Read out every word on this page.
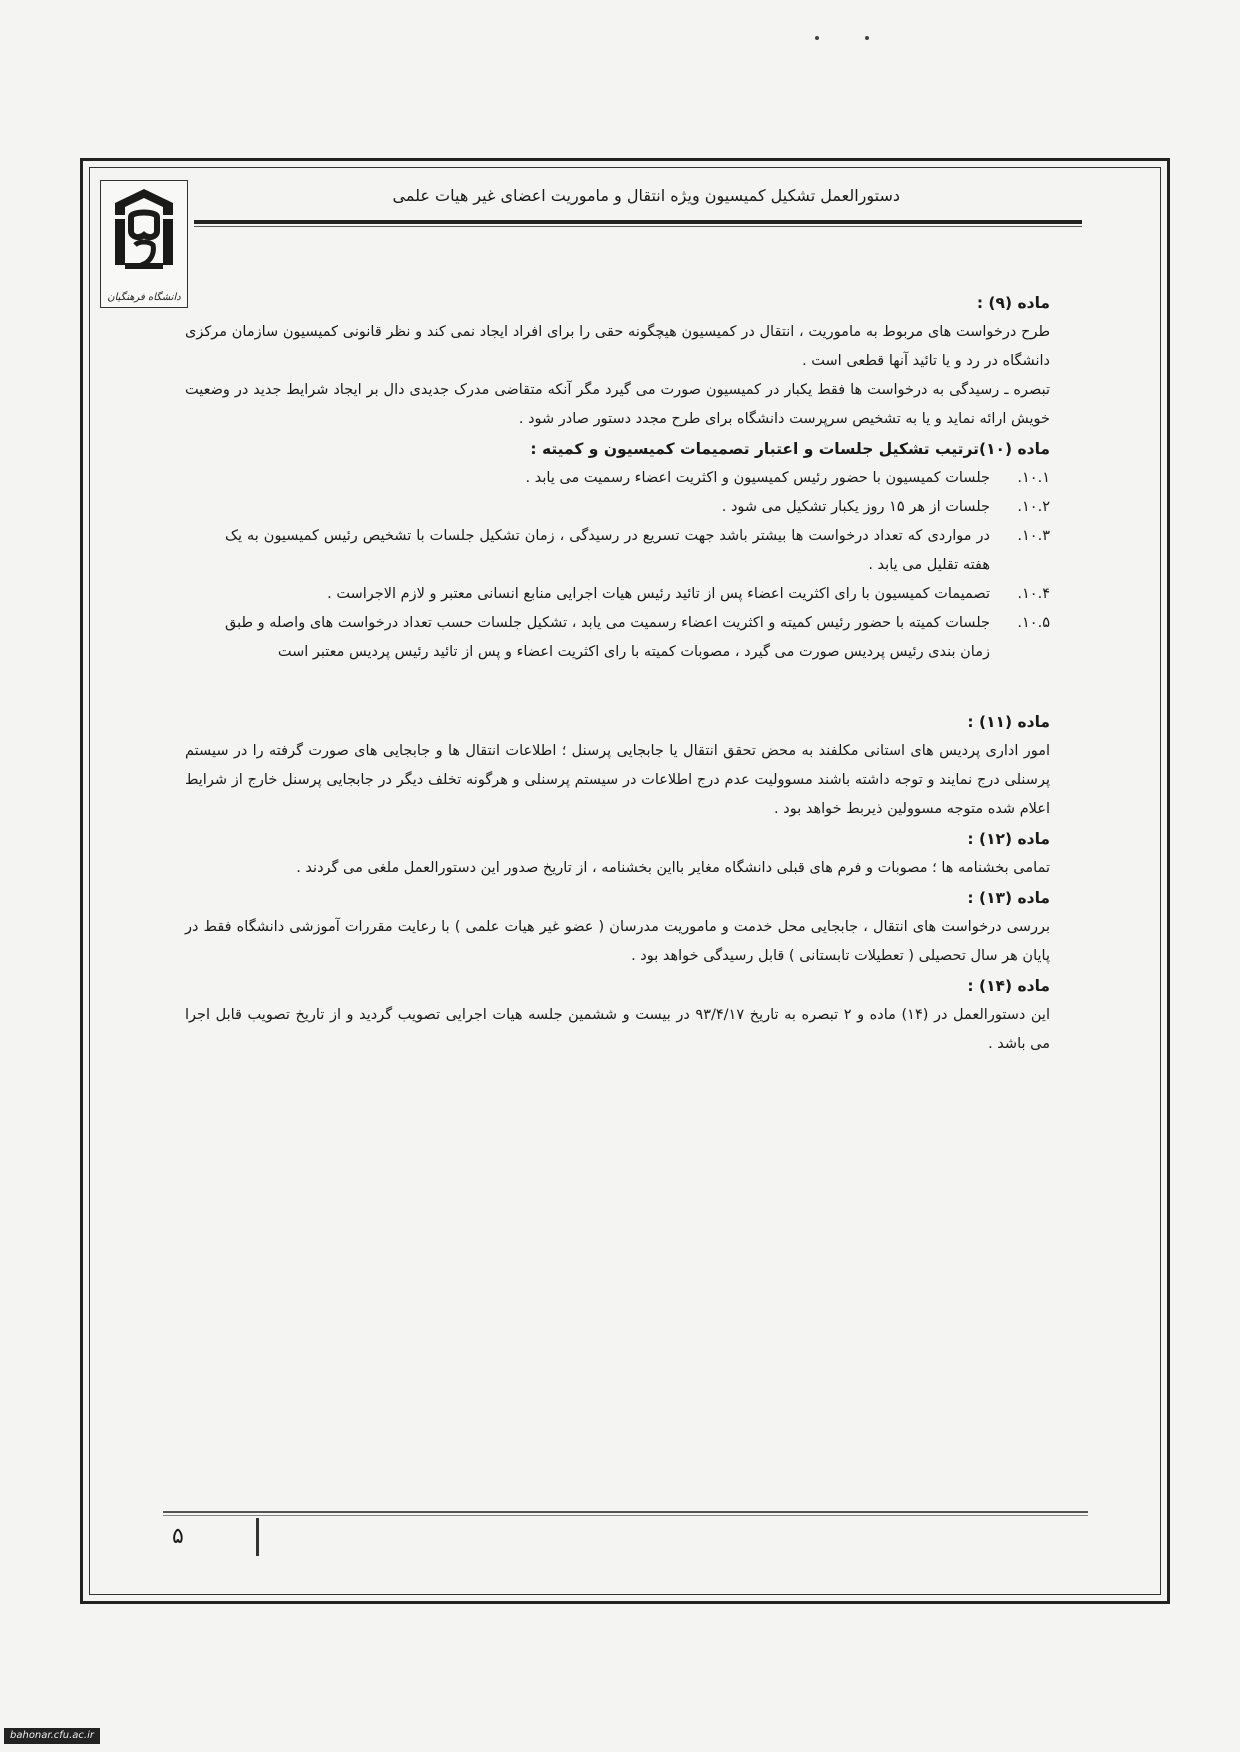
دانشگاه فرهنگیان
دستورالعمل تشکیل کمیسیون ویژه انتقال و ماموریت اعضای غیر هیات علمی

ماده (۹) :

طرح درخواست های مربوط به ماموریت ، انتقال در کمیسیون هیچگونه حقی را برای افراد ایجاد نمی کند و نظر قانونی کمیسیون سازمان مرکزی دانشگاه در رد و یا تائید آنها قطعی است .

تبصره ـ رسیدگی به درخواست ها فقط یکبار در کمیسیون صورت می گیرد مگر آنکه متقاضی مدرک جدیدی دال بر ایجاد شرایط جدید در وضعیت خویش ارائه نماید و یا به تشخیص سرپرست دانشگاه برای طرح مجدد دستور صادر شود .

ماده (۱۰)ترتیب تشکیل جلسات و اعتبار تصمیمات کمیسیون و کمیته :

۱۰.۱.
جلسات کمیسیون با حضور رئیس کمیسیون و اکثریت اعضاء رسمیت می یابد .
۱۰.۲.
جلسات از هر ۱۵ روز یکبار تشکیل می شود .
۱۰.۳.
در مواردی که تعداد درخواست ها بیشتر باشد جهت تسریع در رسیدگی ، زمان تشکیل جلسات با تشخیص رئیس کمیسیون به یک هفته تقلیل می یابد .
۱۰.۴.
تصمیمات کمیسیون با رای اکثریت اعضاء پس از تائید رئیس هیات اجرایی منابع انسانی معتبر و لازم الاجراست .
۱۰.۵.
جلسات کمیته با حضور رئیس کمیته و اکثریت اعضاء رسمیت می یابد ، تشکیل جلسات حسب تعداد درخواست های واصله و طبق زمان بندی رئیس پردیس صورت می گیرد ، مصوبات کمیته با رای اکثریت اعضاء و پس از تائید رئیس پردیس معتبر است

ماده (۱۱) :

امور اداری پردیس های استانی مکلفند به محض تحقق انتقال یا جابجایی پرسنل ؛ اطلاعات انتقال ها و جابجایی های صورت گرفته را در سیستم پرسنلی درج نمایند و توجه داشته باشند مسوولیت عدم درج اطلاعات در سیستم پرسنلی و هرگونه تخلف دیگر در جابجایی پرسنل خارج از شرایط اعلام شده متوجه مسوولین ذیربط خواهد بود .

ماده (۱۲) :

تمامی بخشنامه ها ؛ مصوبات و فرم های قبلی دانشگاه مغایر بااین بخشنامه ، از تاریخ صدور این دستورالعمل ملغی می گردند .

ماده (۱۳) :

بررسی درخواست های انتقال ، جابجایی محل خدمت و ماموریت مدرسان ( عضو غیر هیات علمی ) با رعایت مقررات آموزشی دانشگاه فقط در پایان هر سال تحصیلی ( تعطیلات تابستانی ) قابل رسیدگی خواهد بود .

ماده (۱۴) :

این دستورالعمل در (۱۴) ماده و ۲ تبصره به تاریخ ۹۳/۴/۱۷ در بیست و ششمین جلسه هیات اجرایی تصویب گردید و از تاریخ تصویب قابل اجرا می باشد .

۵
bahonar.cfu.ac.ir
